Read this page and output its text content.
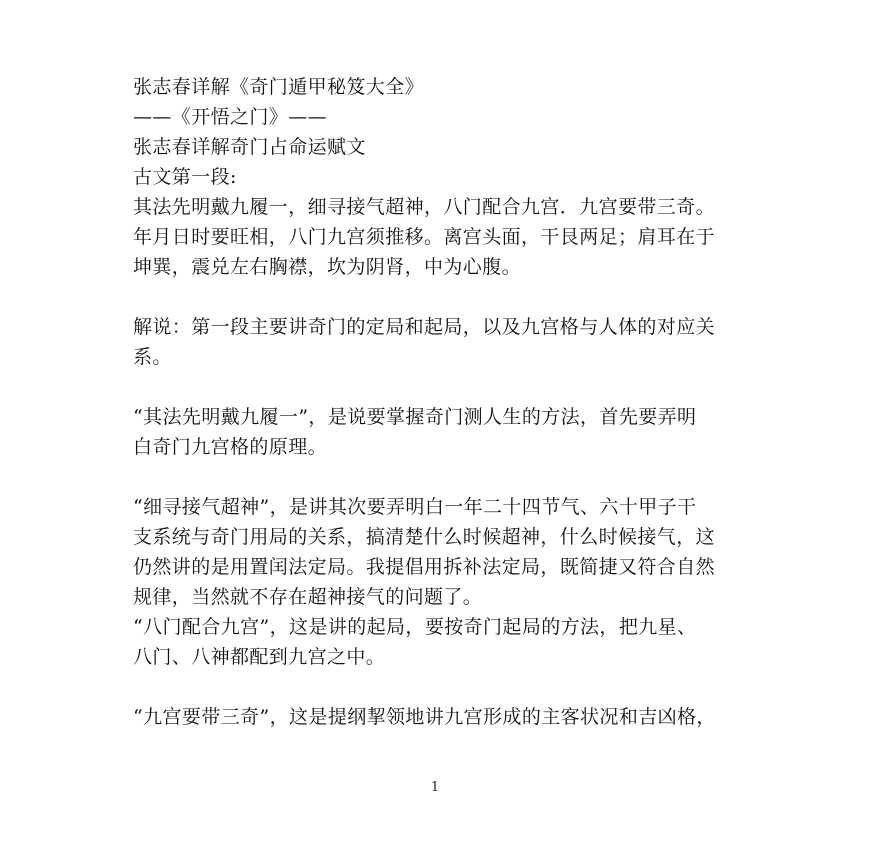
张志春详解《奇门遁甲秘笈大全》
——《开悟之门》——
张志春详解奇门占命运赋文
古文第一段:
其法先明戴九履一，细寻接气超神，八门配合九宫．九宫要带三奇。
年月日时要旺相，八门九宫须推移。离宫头面，干艮两足；肩耳在于
坤巽，震兑左右胸襟，坎为阴肾，中为心腹。
解说：第一段主要讲奇门的定局和起局，以及九宫格与人体的对应关
系。
“其法先明戴九履一”，是说要掌握奇门测人生的方法，首先要弄明
白奇门九宫格的原理。
“细寻接气超神”，是讲其次要弄明白一年二十四节气、六十甲子干
支系统与奇门用局的关系，搞清楚什么时候超神，什么时候接气，这
仍然讲的是用置闰法定局。我提倡用拆补法定局，既简捷又符合自然
规律，当然就不存在超神接气的问题了。
“八门配合九宫”，这是讲的起局，要按奇门起局的方法，把九星、
八门、八神都配到九宫之中。
“九宫要带三奇”，这是提纲挈领地讲九宫形成的主客状况和吉凶格，
1
